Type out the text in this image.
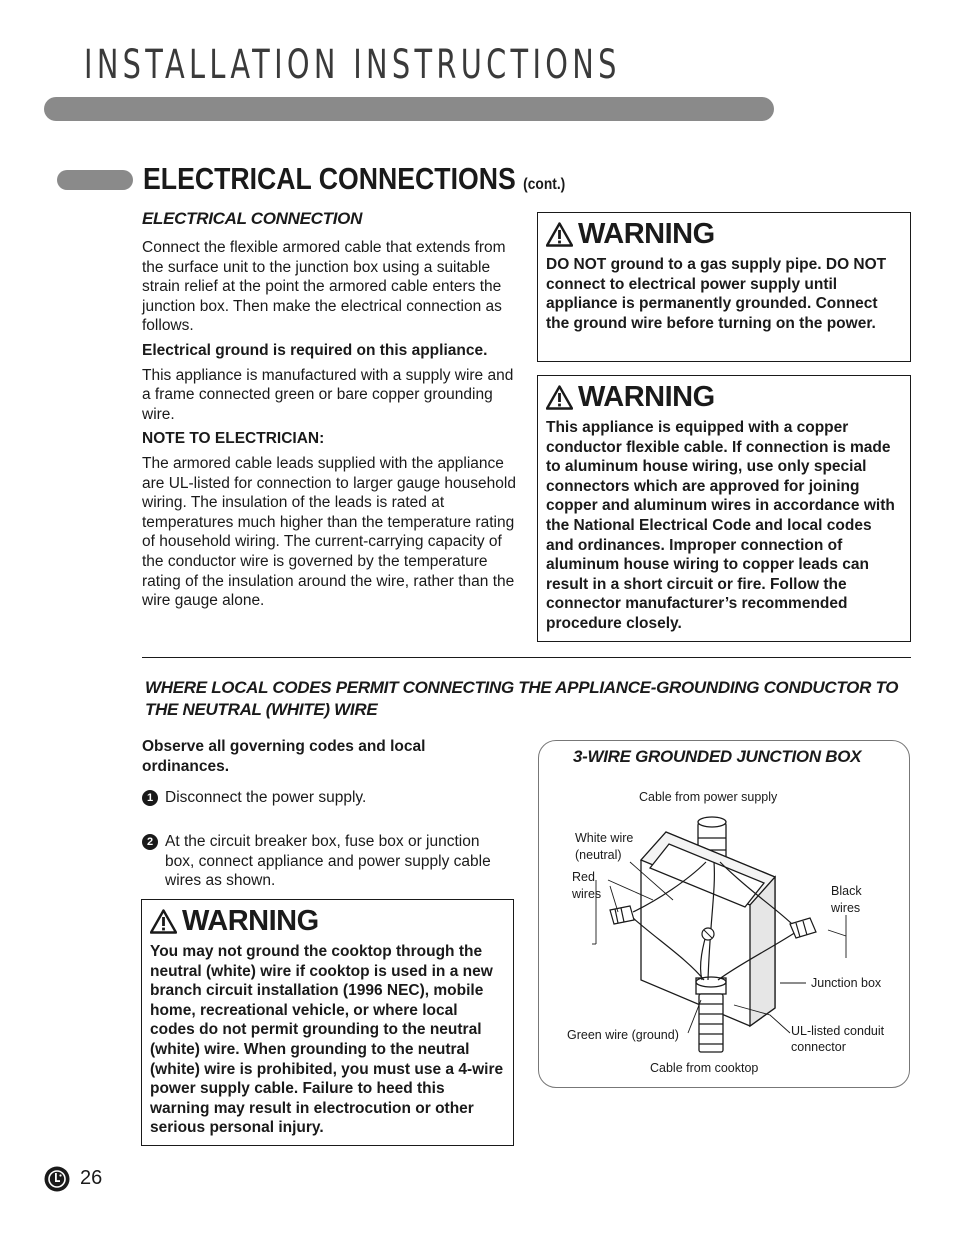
INSTALLATION INSTRUCTIONS
ELECTRICAL CONNECTIONS (cont.)
ELECTRICAL CONNECTION

Connect the flexible armored cable that extends from the surface unit to the junction box using a suitable strain relief at the point the armored cable enters the junction box. Then make the electrical connection as follows.

Electrical ground is required on this appliance.

This appliance is manufactured with a supply wire and a frame connected green or bare copper grounding wire.

NOTE TO ELECTRICIAN:

The armored cable leads supplied with the appliance are UL-listed for connection to larger gauge household wiring. The insulation of the leads is rated at temperatures much higher than the temperature rating of household wiring. The current-carrying capacity of the conductor wire is governed by the temperature rating of the insulation around the wire, rather than the wire gauge alone.

WARNING

DO NOT ground to a gas supply pipe. DO NOT connect to electrical power supply until appliance is permanently grounded. Connect the ground wire before turning on the power.

WARNING

This appliance is equipped with a copper conductor flexible cable. If connection is made to aluminum house wiring, use only special connectors which are approved for joining copper and aluminum wires in accordance with the National Electrical Code and local codes and ordinances. Improper connection of aluminum house wiring to copper leads can result in a short circuit or fire. Follow the connector manufacturer’s recommended procedure closely.

WHERE LOCAL CODES PERMIT CONNECTING THE APPLIANCE-GROUNDING CONDUCTOR TO THE NEUTRAL (WHITE) WIRE

Observe all governing codes and local ordinances.

1 Disconnect the power supply.
2 At the circuit breaker box, fuse box or junction box, connect appliance and power supply cable wires as shown.
WARNING

You may not ground the cooktop through the neutral (white) wire if cooktop is used in a new branch circuit installation (1996 NEC), mobile home, recreational vehicle, or where local codes do not permit grounding to the neutral (white) wire. When grounding to the neutral (white) wire is prohibited, you must use a 4-wire power supply cable. Failure to heed this warning may result in electrocution or other serious personal injury.

3-WIRE GROUNDED JUNCTION BOX
Cable from power supply
White wire
(neutral)
Red
wires	Black
wires
Junction box
Green wire (ground)	UL-listed conduit
connector
Cable from cooktop
26
